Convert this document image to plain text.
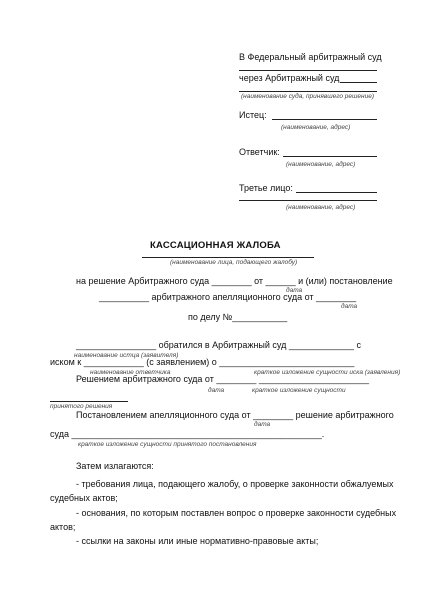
В Федеральный арбитражный суд
через Арбитражный суд
(наименование суда, принявшего решение)
Истец:
(наименование, адрес)
Ответчик:
(наименование, адрес)
Третье лицо:
(наименование, адрес)
КАССАЦИОННАЯ ЖАЛОБА
(наименование лица, подающего жалобу)
на решение Арбитражного суда ________ от ______ и (или) постановление
дата
__________ арбитражного апелляционного суда от ________
дата
по делу №___________
________________ обратился в Арбитражный суд _____________ с
наименование истца (заявителя)
иском к ____________ (с заявлением) о ___________________________
наименование ответчика	краткое изложение сущности иска (заявления)
Решением арбитражного суда от ________ ______________________
дата	краткое изложение сущности
принятого решения
Постановлением апелляционного суда от ________ решение арбитражного
дата
суда __________________________________________________.
краткое изложение сущности принятого постановления
Затем излагаются:
- требования лица, подающего жалобу, о проверке законности обжалуемых
судебных актов;
- основания, по которым поставлен вопрос о проверке законности судебных
актов;
- ссылки на законы или иные нормативно-правовые акты;
